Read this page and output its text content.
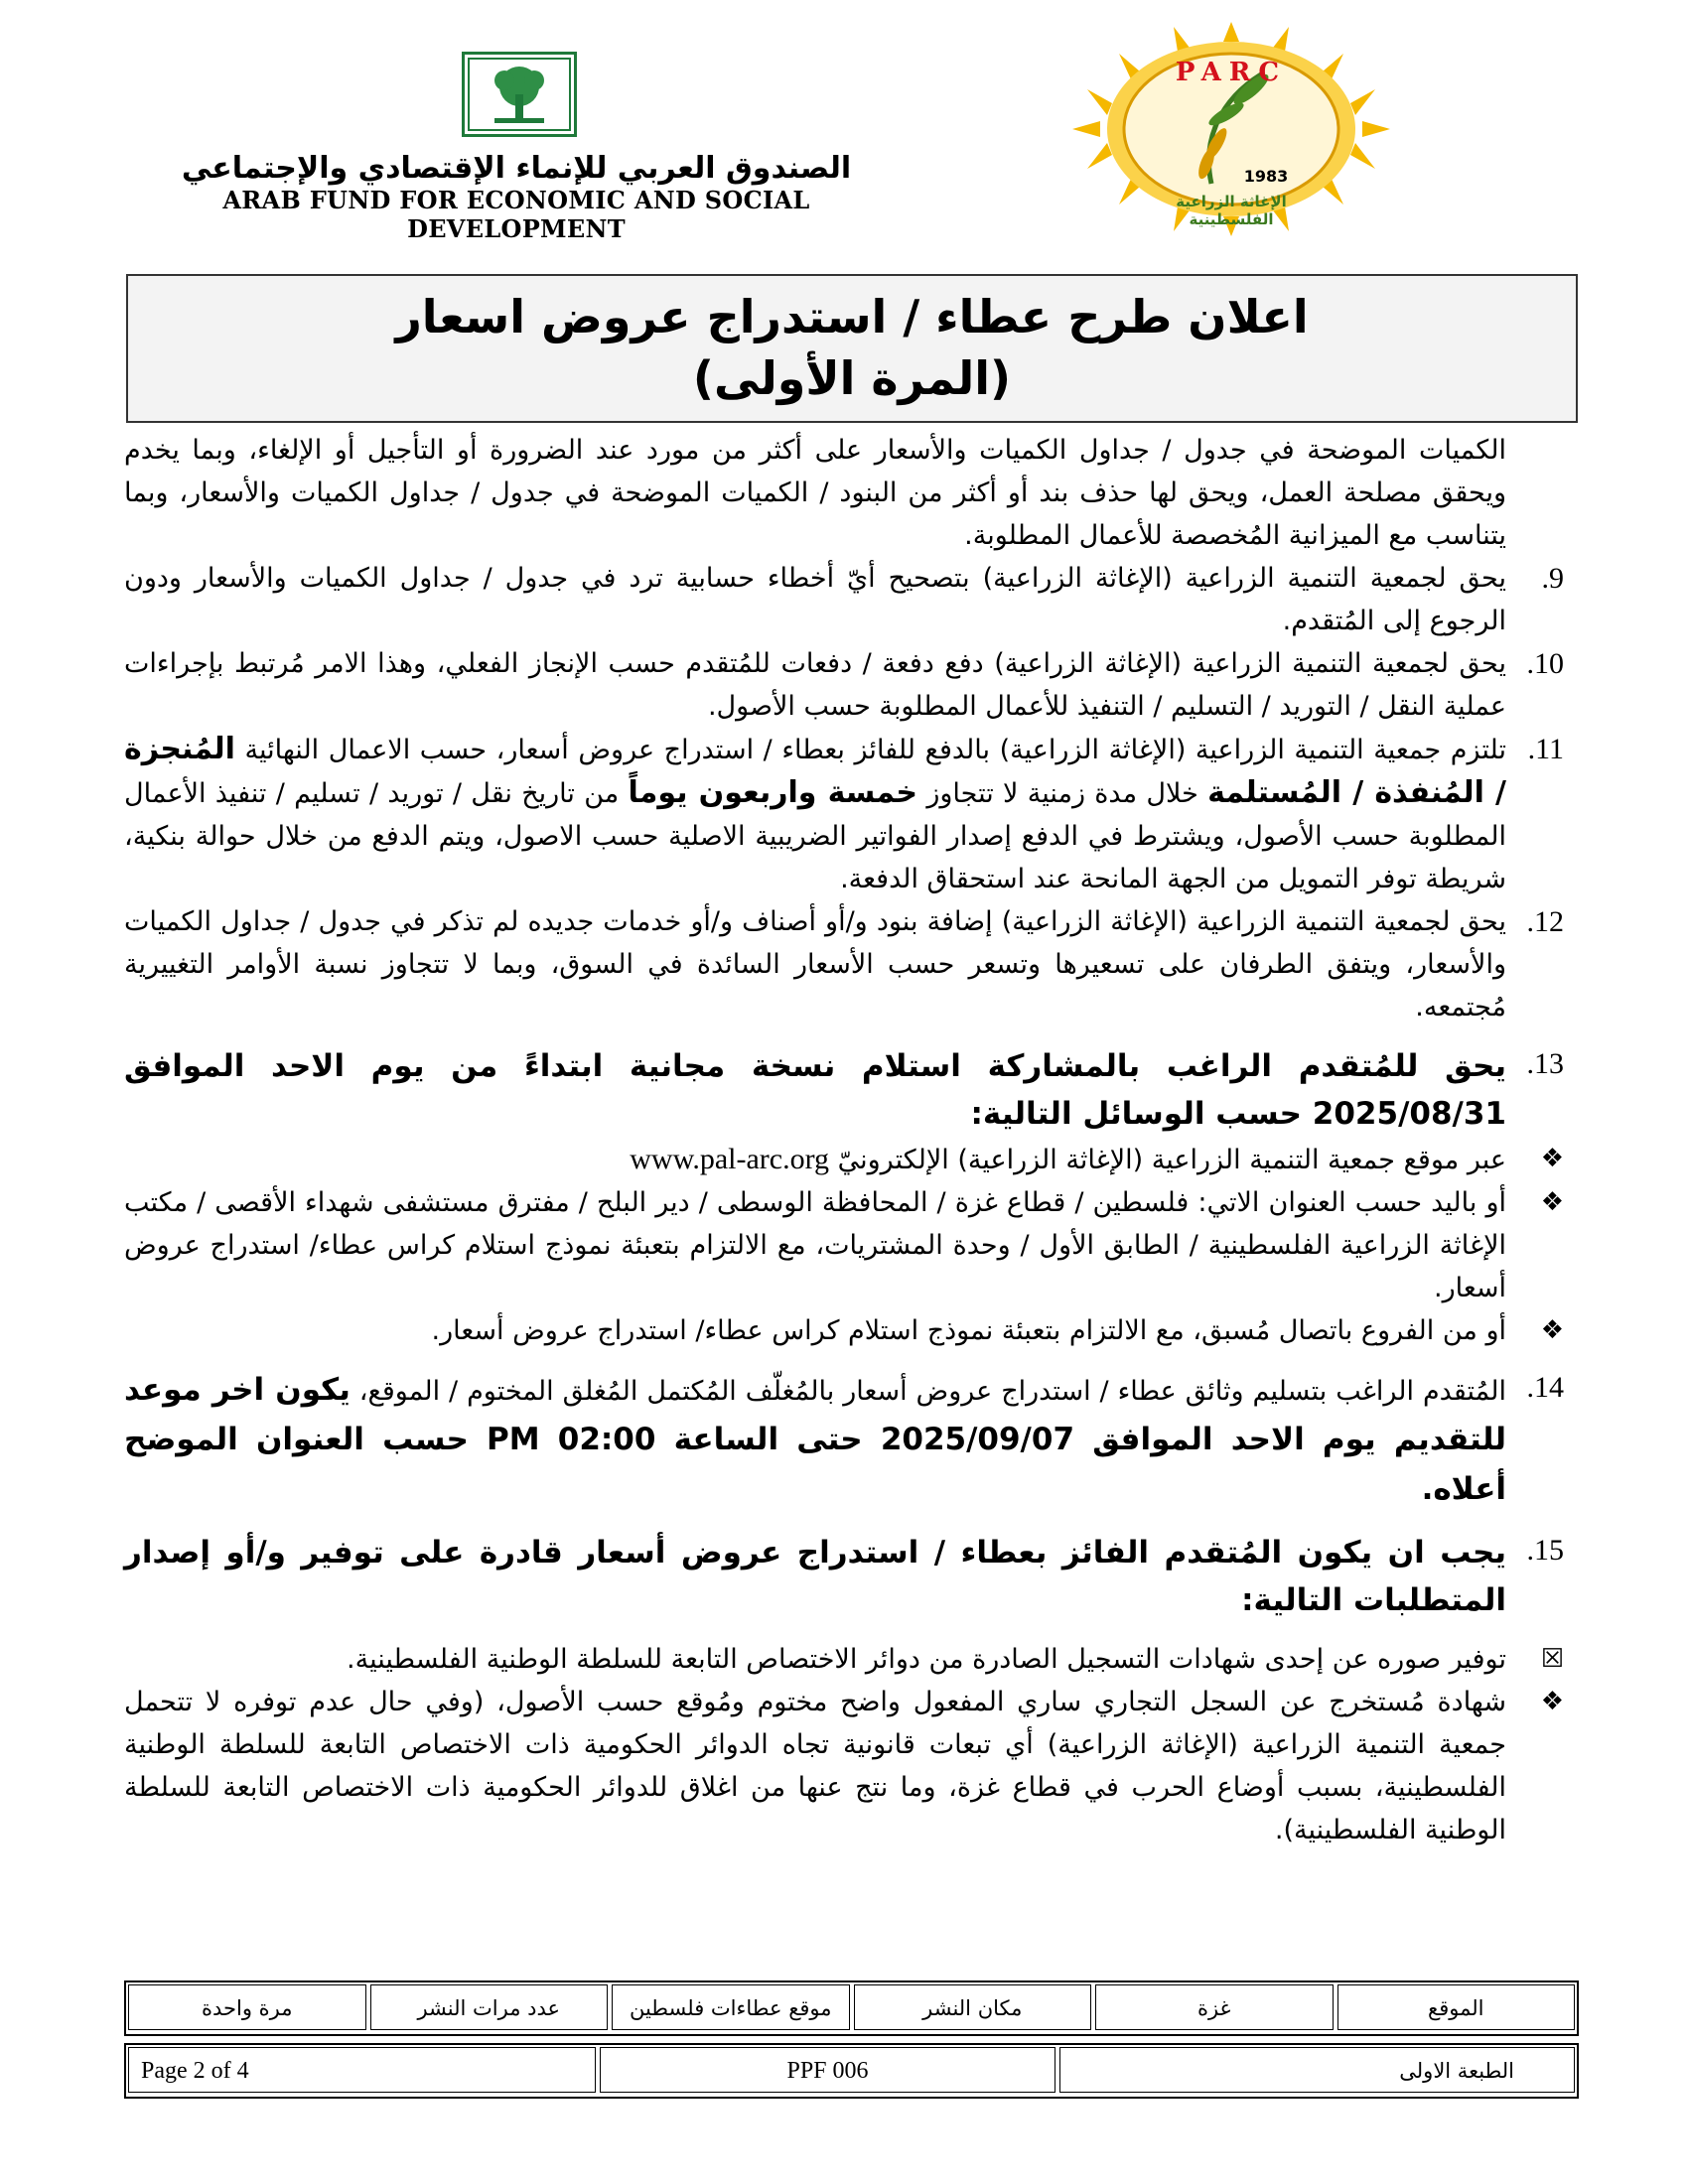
PARC
1983
الإغاثة الزراعية الفلسطينية
الصندوق العربي للإنماء الإقتصادي والإجتماعي
ARAB FUND FOR ECONOMIC AND SOCIAL DEVELOPMENT
اعلان طرح عطاء / استدراج عروض اسعار
(المرة الأولى)
الكميات الموضحة في جدول / جداول الكميات والأسعار على أكثر من مورد عند الضرورة أو التأجيل أو الإلغاء، وبما يخدم ويحقق مصلحة العمل، ويحق لها حذف بند أو أكثر من البنود / الكميات الموضحة في جدول / جداول الكميات والأسعار، وبما يتناسب مع الميزانية المُخصصة للأعمال المطلوبة.
9.
يحق لجمعية التنمية الزراعية (الإغاثة الزراعية) بتصحيح أيّ أخطاء حسابية ترد في جدول / جداول الكميات والأسعار ودون الرجوع إلى المُتقدم.
10.
يحق لجمعية التنمية الزراعية (الإغاثة الزراعية) دفع دفعة / دفعات للمُتقدم حسب الإنجاز الفعلي، وهذا الامر مُرتبط بإجراءات عملية النقل / التوريد / التسليم / التنفيذ للأعمال المطلوبة حسب الأصول.
11.
تلتزم جمعية التنمية الزراعية (الإغاثة الزراعية) بالدفع للفائز بعطاء / استدراج عروض أسعار، حسب الاعمال النهائية المُنجزة / المُنفذة / المُستلمة خلال مدة زمنية لا تتجاوز خمسة واربعون يوماً من تاريخ نقل / توريد / تسليم / تنفيذ الأعمال المطلوبة حسب الأصول، ويشترط في الدفع إصدار الفواتير الضريبية الاصلية حسب الاصول، ويتم الدفع من خلال حوالة بنكية، شريطة توفر التمويل من الجهة المانحة عند استحقاق الدفعة.
12.
يحق لجمعية التنمية الزراعية (الإغاثة الزراعية) إضافة بنود و/أو أصناف و/أو خدمات جديده لم تذكر في جدول / جداول الكميات والأسعار، ويتفق الطرفان على تسعيرها وتسعر حسب الأسعار السائدة في السوق، وبما لا تتجاوز نسبة الأوامر التغييرية مُجتمعه.
13.
يحق للمُتقدم الراغب بالمشاركة استلام نسخة مجانية ابتداءً من يوم الاحد الموافق 2025/08/31 حسب الوسائل التالية:
❖
عبر موقع جمعية التنمية الزراعية (الإغاثة الزراعية) الإلكترونيّ www.pal-arc.org
❖
أو باليد حسب العنوان الاتي: فلسطين / قطاع غزة / المحافظة الوسطى / دير البلح / مفترق مستشفى شهداء الأقصى / مكتب الإغاثة الزراعية الفلسطينية / الطابق الأول / وحدة المشتريات، مع الالتزام بتعبئة نموذج استلام كراس عطاء/ استدراج عروض أسعار.
❖
أو من الفروع باتصال مُسبق، مع الالتزام بتعبئة نموذج استلام كراس عطاء/ استدراج عروض أسعار.
14.
المُتقدم الراغب بتسليم وثائق عطاء / استدراج عروض أسعار بالمُغلّف المُكتمل المُغلق المختوم / الموقع، يكون اخر موعد للتقديم يوم الاحد الموافق 2025/09/07 حتى الساعة 02:00 PM حسب العنوان الموضح أعلاه.
15.
يجب ان يكون المُتقدم الفائز بعطاء / استدراج عروض أسعار قادرة على توفير و/أو إصدار المتطلبات التالية:
☒
توفير صوره عن إحدى شهادات التسجيل الصادرة من دوائر الاختصاص التابعة للسلطة الوطنية الفلسطينية.
❖
شهادة مُستخرج عن السجل التجاري ساري المفعول واضح مختوم ومُوقع حسب الأصول، (وفي حال عدم توفره لا تتحمل جمعية التنمية الزراعية (الإغاثة الزراعية) أي تبعات قانونية تجاه الدوائر الحكومية ذات الاختصاص التابعة للسلطة الوطنية الفلسطينية، بسبب أوضاع الحرب في قطاع غزة، وما نتج عنها من اغلاق للدوائر الحكومية ذات الاختصاص التابعة للسلطة الوطنية الفلسطينية).
الموقع
غزة
مكان النشر
موقع عطاءات فلسطين
عدد مرات النشر
مرة واحدة
الطبعة الاولى
PPF 006
Page 2 of 4
